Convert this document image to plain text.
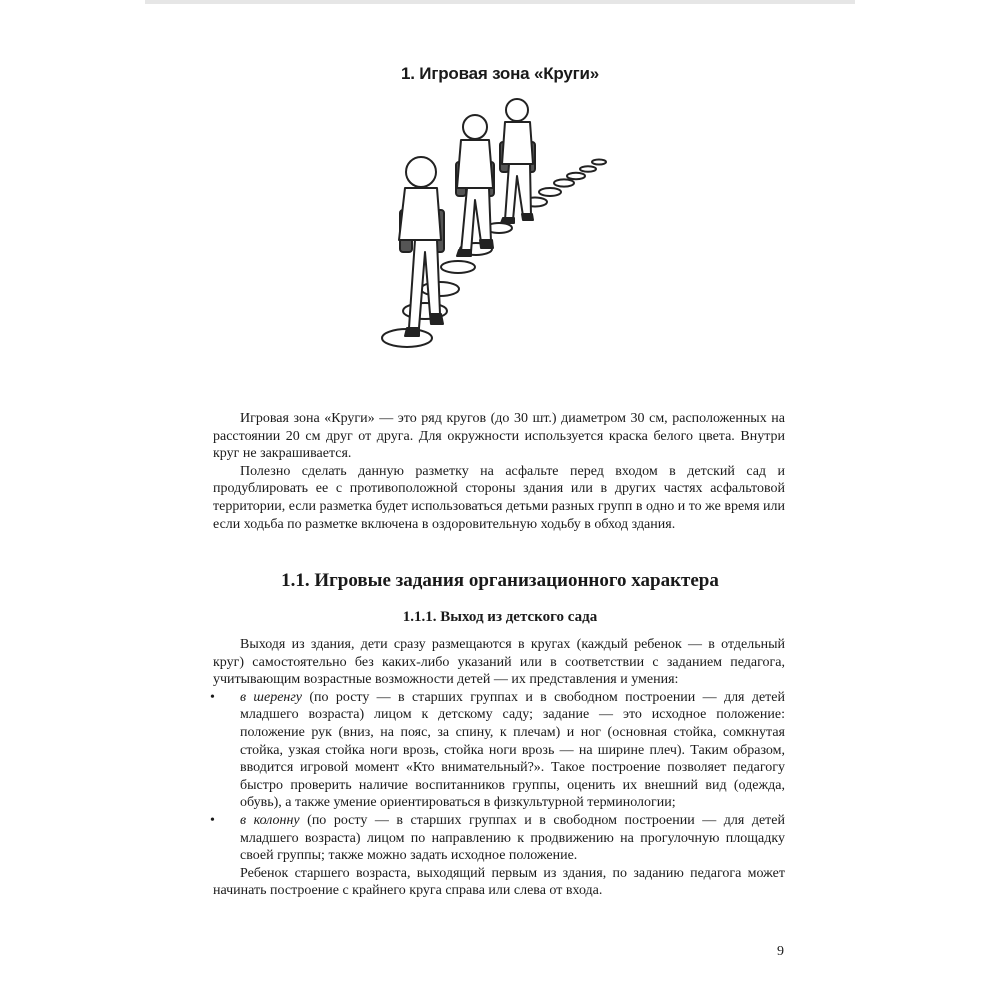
1. Игровая зона «Круги»

Игровая зона «Круги» — это ряд кругов (до 30 шт.) диаметром 30 см, расположенных на расстоянии 20 см друг от друга. Для окружности используется краска белого цвета. Внутри круг не закрашивается.

Полезно сделать данную разметку на асфальте перед входом в детский сад и продублировать ее с противоположной стороны здания или в других частях асфальтовой территории, если разметка будет использоваться детьми разных групп в одно и то же время или если ходьба по разметке включена в оздоровительную ходьбу в обход здания.

1.1. Игровые задания организационного характера
1.1.1. Выход из детского сада

Выходя из здания, дети сразу размещаются в кругах (каждый ребенок — в отдельный круг) самостоятельно без каких-либо указаний или в соответствии с заданием педагога, учитывающим возрастные возможности детей — их представления и умения:

• в шеренгу (по росту — в старших группах и в свободном построении — для детей младшего возраста) лицом к детскому саду; задание — это исходное положение: положение рук (вниз, на пояс, за спину, к плечам) и ног (основная стойка, сомкнутая стойка, узкая стойка ноги врозь, стойка ноги врозь — на ширине плеч). Таким образом, вводится игровой момент «Кто внимательный?». Такое построение позволяет педагогу быстро проверить наличие воспитанников группы, оценить их внешний вид (одежда, обувь), а также умение ориентироваться в физкультурной терминологии;
• в колонну (по росту — в старших группах и в свободном построении — для детей младшего возраста) лицом по направлению к продвижению на прогулочную площадку своей группы; также можно задать исходное положение.

Ребенок старшего возраста, выходящий первым из здания, по заданию педагога может начинать построение с крайнего круга справа или слева от входа.

9
